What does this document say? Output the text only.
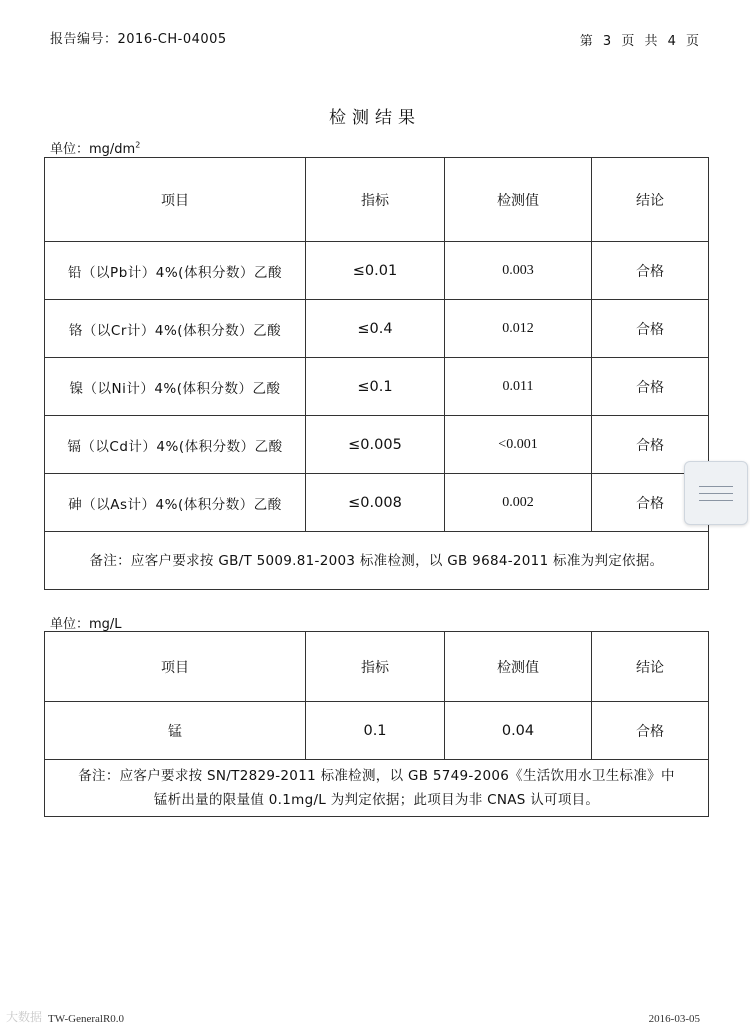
报告编号：2016-CH-04005	第 3 页 共 4 页
检测结果
单位：$mg/dm^2$
项目	指标	检测值	结论
铅（以Pb计）4%(体积分数）乙酸	≤0.01	0.003	合格
铬（以Cr计）4%(体积分数）乙酸	≤0.4	0.012	合格
镍（以Ni计）4%(体积分数）乙酸	≤0.1	0.011	合格
镉（以Cd计）4%(体积分数）乙酸	≤0.005	<0.001	合格
砷（以As计）4%(体积分数）乙酸	≤0.008	0.002	合格
备注：应客户要求按 GB/T 5009.81-2003 标准检测，以 GB 9684-2011 标准为判定依据。			
单位：mg/L
项目	指标	检测值	结论
锰	0.1	0.04	合格

备注：应客户要求按 SN/T2829-2011 标准检测，以 GB 5749-2006《生活饮用水卫生标准》中
锰析出量的限量值 0.1mg/L 为判定依据；此项目为非 CNAS 认可项目。			
大数据 TW-GeneralR0.0	2016-03-05
